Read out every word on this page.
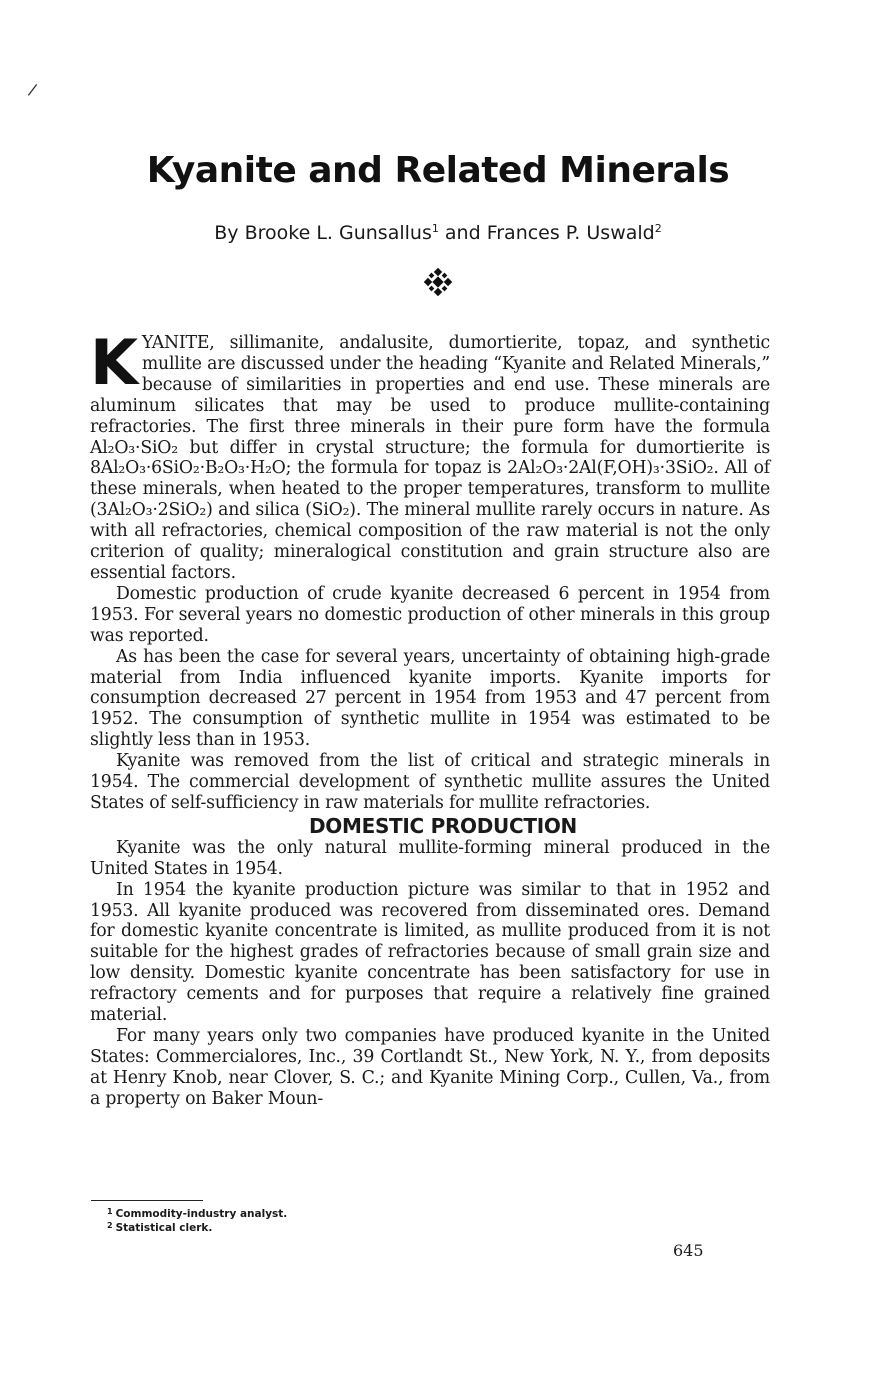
/
Kyanite and Related Minerals
By Brooke L. Gunsallus$^1$ and Frances P. Uswald$^2$

KYANITE, sillimanite, andalusite, dumortierite, topaz, and synthetic mullite are discussed under the heading “Kyanite and Related Minerals,” because of similarities in properties and end use. These minerals are aluminum silicates that may be used to produce mullite-containing refractories. The first three minerals in their pure form have the formula Al₂O₃·SiO₂ but differ in crystal structure; the formula for dumortierite is 8Al₂O₃·6SiO₂·B₂O₃·H₂O; the formula for topaz is 2Al₂O₃·2Al(F,OH)₃·3SiO₂. All of these minerals, when heated to the proper temperatures, transform to mullite (3Al₂O₃·2SiO₂) and silica (SiO₂). The mineral mullite rarely occurs in nature. As with all refractories, chemical composition of the raw material is not the only criterion of quality; mineralogical constitution and grain structure also are essential factors.

Domestic production of crude kyanite decreased 6 percent in 1954 from 1953. For several years no domestic production of other minerals in this group was reported.

As has been the case for several years, uncertainty of obtaining high-grade material from India influenced kyanite imports. Kyanite imports for consumption decreased 27 percent in 1954 from 1953 and 47 percent from 1952. The consumption of synthetic mullite in 1954 was estimated to be slightly less than in 1953.

Kyanite was removed from the list of critical and strategic minerals in 1954. The commercial development of synthetic mullite assures the United States of self-sufficiency in raw materials for mullite refractories.

DOMESTIC PRODUCTION

Kyanite was the only natural mullite-forming mineral produced in the United States in 1954.

In 1954 the kyanite production picture was similar to that in 1952 and 1953. All kyanite produced was recovered from disseminated ores. Demand for domestic kyanite concentrate is limited, as mullite produced from it is not suitable for the highest grades of refractories because of small grain size and low density. Domestic kyanite concentrate has been satisfactory for use in refractory cements and for purposes that require a relatively fine grained material.

For many years only two companies have produced kyanite in the United States: Commercialores, Inc., 39 Cortlandt St., New York, N. Y., from deposits at Henry Knob, near Clover, S. C.; and Kyanite Mining Corp., Cullen, Va., from a property on Baker Moun-

$^1$ Commodity-industry analyst.
$^2$ Statistical clerk.
645
